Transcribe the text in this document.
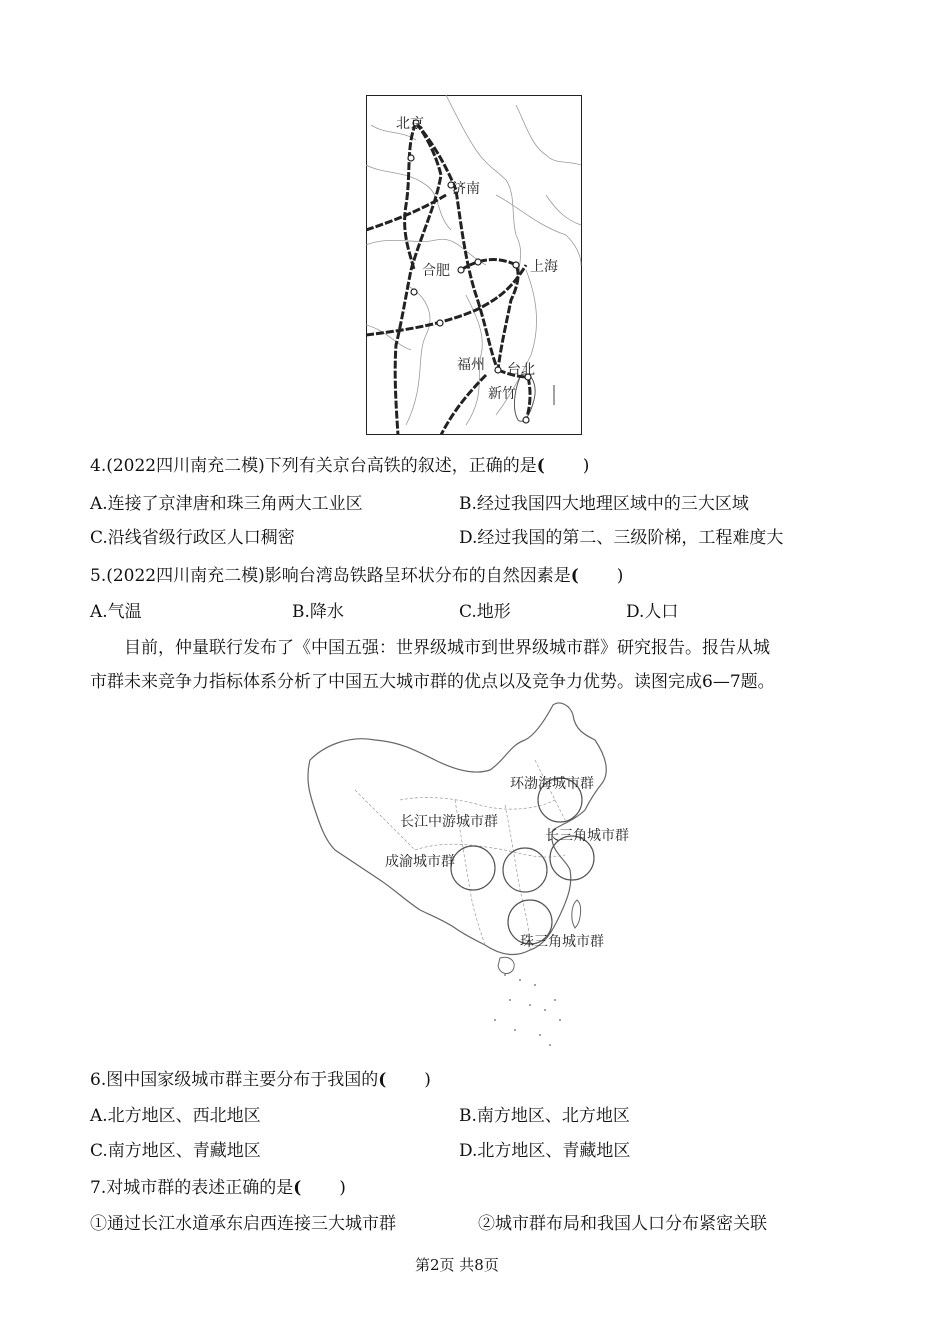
北京
济南
合肥	上海
福州 台北
新竹
4.(2022四川南充二模)下列有关京台高铁的叙述，正确的是( )
A.连接了京津唐和珠三角两大工业区	B.经过我国四大地理区域中的三大区域
C.沿线省级行政区人口稠密	D.经过我国的第二、三级阶梯，工程难度大
5.(2022四川南充二模)影响台湾岛铁路呈环状分布的自然因素是( )
A.气温	B.降水	C.地形	D.人口
目前，仲量联行发布了《中国五强：世界级城市到世界级城市群》研究报告。报告从城
市群未来竞争力指标体系分析了中国五大城市群的优点以及竞争力优势。读图完成6—7题。
环渤海城市群
长江中游城市群
长三角城市群
成渝城市群
珠三角城市群
6.图中国家级城市群主要分布于我国的( )
A.北方地区、西北地区	B.南方地区、北方地区
C.南方地区、青藏地区	D.北方地区、青藏地区
7.对城市群的表述正确的是( )
①通过长江水道承东启西连接三大城市群	②城市群布局和我国人口分布紧密关联
第2页 共8页
